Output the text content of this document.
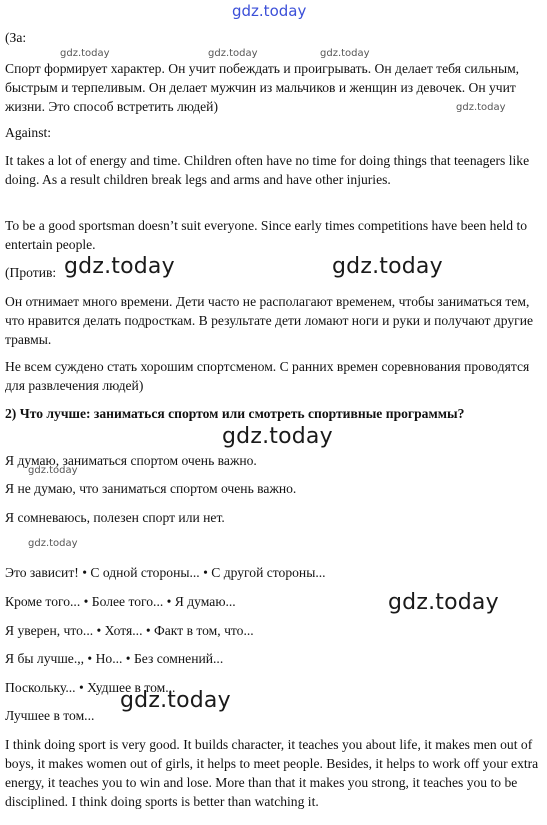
gdz.today
(За:
gdz.today	gdz.today	gdz.today
Спорт формирует характер. Он учит побеждать и проигрывать. Он делает тебя сильным, быстрым и терпеливым. Он делает мужчин из мальчиков и женщин из девочек. Он учит жизни. Это способ встретить людей)	gdz.today
Against:
It takes a lot of energy and time. Children often have no time for doing things that teenagers like doing. As a result children break legs and arms and have other injuries.
To be a good sportsman doesn’t suit everyone. Since early times competitions have been held to entertain people.
(Против: gdz.today	gdz.today
Он отнимает много времени. Дети часто не располагают временем, чтобы заниматься тем, что нравится делать подросткам. В результате дети ломают ноги и руки и получают другие травмы.
Не всем суждено стать хорошим спортсменом. С ранних времен соревнования проводятся для развлечения людей)
2) Что лучше: заниматься спортом или смотреть спортивные программы?
gdz.today
Я думаю, заниматься спортом очень важно.
gdz.today
Я не думаю, что заниматься спортом очень важно.
Я сомневаюсь, полезен спорт или нет.
gdz.today
Это зависит! • С одной стороны... • С другой стороны...
Кроме того... • Более того... • Я думаю...	gdz.today
Я уверен, что... • Хотя... • Факт в том, что...
Я бы лучше.,, • Но... • Без сомнений...
Поскольку... • Худшее в том...
gdz.today
Лучшее в том...
I think doing sport is very good. It builds character, it teaches you about life, it makes men out of boys, it makes women out of girls, it helps to meet people. Besides, it helps to work off your extra energy, it teaches you to win and lose. More than that it makes you strong, it teaches you to be disciplined. I think doing sports is better than watching it.
